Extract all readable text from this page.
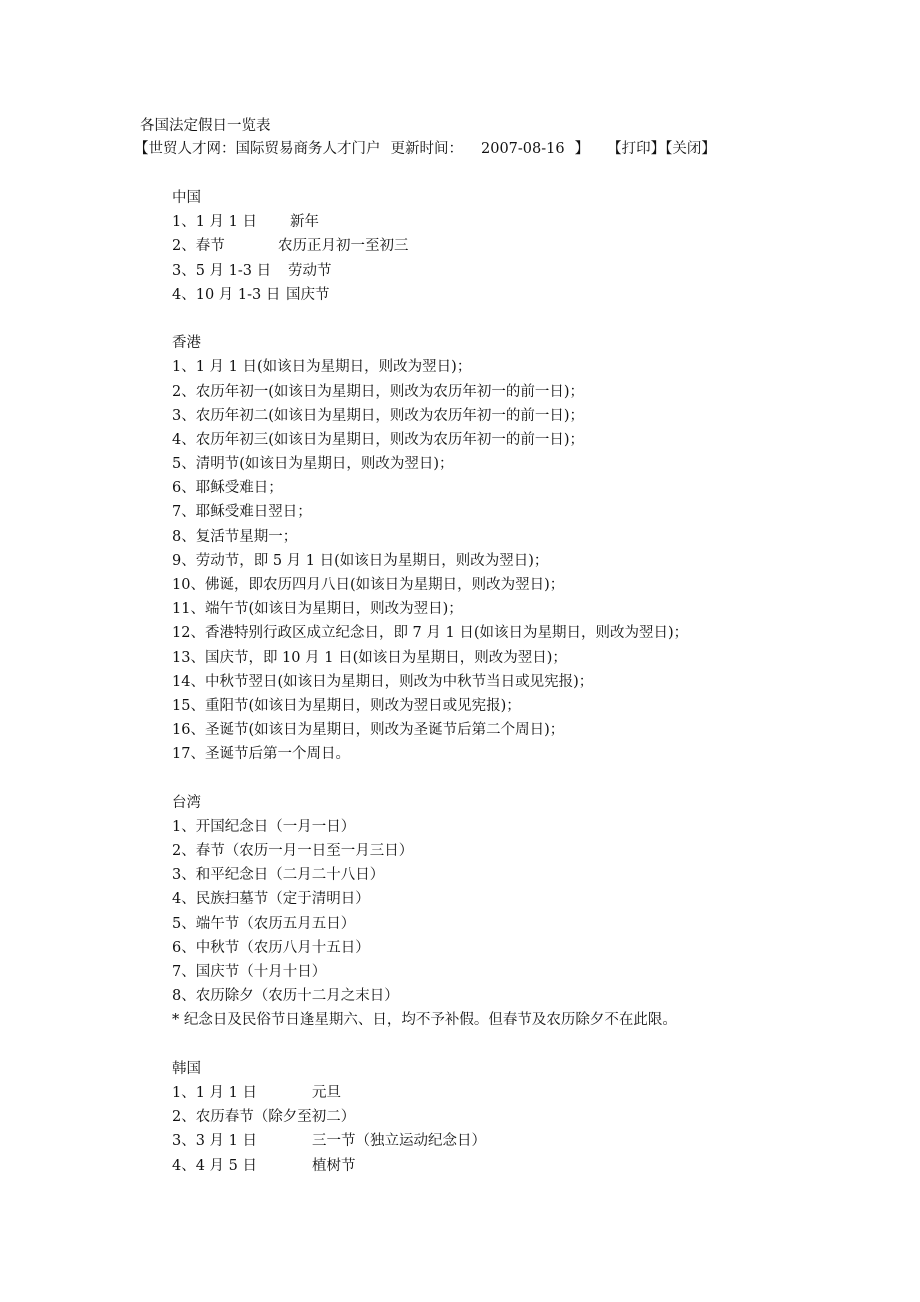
各国法定假日一览表
【世贸人才网：国际贸易商务人才门户 更新时间： 2007-08-16 】 【打印】【关闭】
中国
1、1 月 1 日 新年
2、春节	农历正月初一至初三
3、5 月 1-3 日 劳动节
4、10 月 1-3 日 国庆节
香港
1、1 月 1 日(如该日为星期日，则改为翌日)；
2、农历年初一(如该日为星期日，则改为农历年初一的前一日)；
3、农历年初二(如该日为星期日，则改为农历年初一的前一日)；
4、农历年初三(如该日为星期日，则改为农历年初一的前一日)；
5、清明节(如该日为星期日，则改为翌日)；
6、耶稣受难日；
7、耶稣受难日翌日；
8、复活节星期一；
9、劳动节，即 5 月 1 日(如该日为星期日，则改为翌日)；
10、佛诞，即农历四月八日(如该日为星期日，则改为翌日)；
11、端午节(如该日为星期日，则改为翌日)；
12、香港特别行政区成立纪念日，即 7 月 1 日(如该日为星期日，则改为翌日)；
13、国庆节，即 10 月 1 日(如该日为星期日，则改为翌日)；
14、中秋节翌日(如该日为星期日，则改为中秋节当日或见宪报)；
15、重阳节(如该日为星期日，则改为翌日或见宪报)；
16、圣诞节(如该日为星期日，则改为圣诞节后第二个周日)；
17、圣诞节后第一个周日。
台湾
1、开国纪念日（一月一日）
2、春节（农历一月一日至一月三日）
3、和平纪念日（二月二十八日）
4、民族扫墓节（定于清明日）
5、端午节（农历五月五日）
6、中秋节（农历八月十五日）
7、国庆节（十月十日）
8、农历除夕（农历十二月之末日）
* 纪念日及民俗节日逢星期六、日，均不予补假。但春节及农历除夕不在此限。
韩国
1、1 月 1 日	元旦
2、农历春节（除夕至初二）
3、3 月 1 日	三一节（独立运动纪念日）
4、4 月 5 日	植树节
